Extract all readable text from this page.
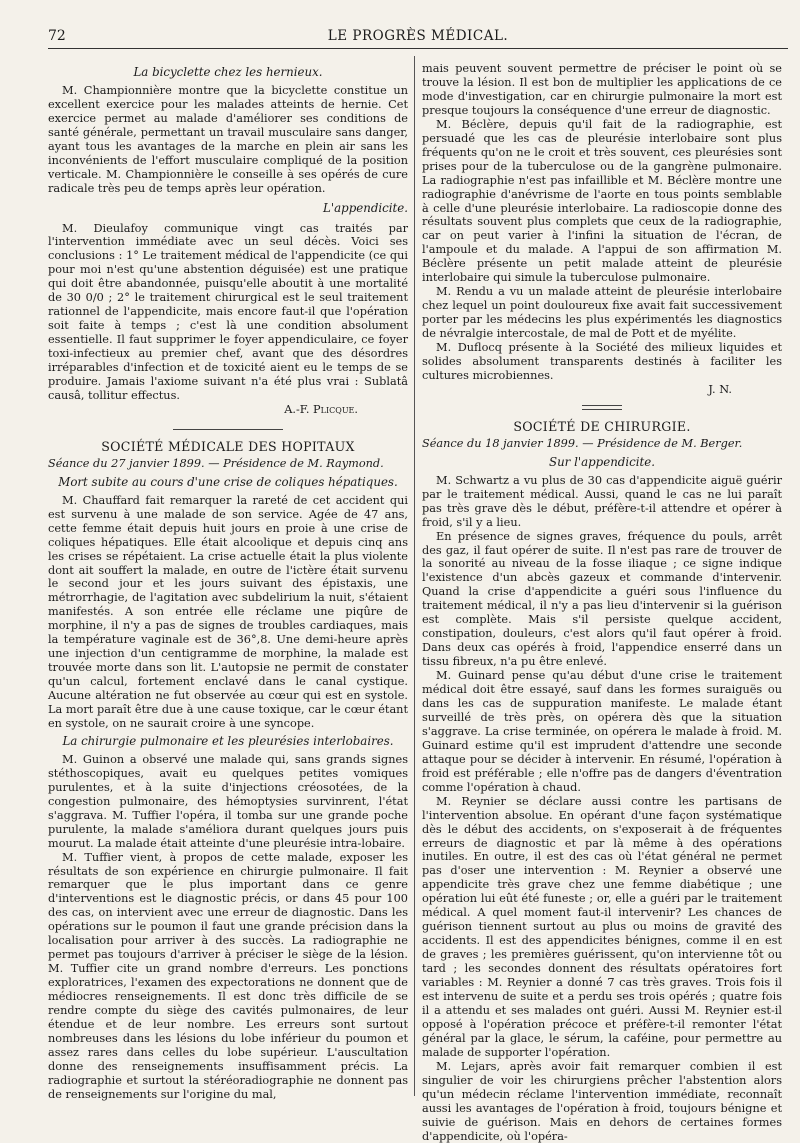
72	LE PROGRÈS MÉDICAL.

La bicyclette chez les hernieux.

M. Championnière montre que la bicyclette constitue un excellent exercice pour les malades atteints de hernie. Cet exercice permet au malade d'améliorer ses conditions de santé générale, permettant un travail musculaire sans danger, ayant tous les avantages de la marche en plein air sans les inconvénients de l'effort musculaire compliqué de la position verticale. M. Championnière le conseille à ses opérés de cure radicale très peu de temps après leur opération.

L'appendicite.

M. Dieulafoy communique vingt cas traités par l'intervention immédiate avec un seul décès. Voici ses conclusions : 1° Le traitement médical de l'appendicite (ce qui pour moi n'est qu'une abstention déguisée) est une pratique qui doit être abandonnée, puisqu'elle aboutit à une mortalité de 30 0/0 ; 2° le traitement chirurgical est le seul traitement rationnel de l'appendicite, mais encore faut-il que l'opération soit faite à temps ; c'est là une condition absolument essentielle. Il faut supprimer le foyer appendiculaire, ce foyer toxi-infectieux au premier chef, avant que des désordres irréparables d'infection et de toxicité aient eu le temps de se produire. Jamais l'axiome suivant n'a été plus vrai : Sublatâ causâ, tollitur effectus.

A.-F. Plicque.

SOCIÉTÉ MÉDICALE DES HOPITAUX

Séance du 27 janvier 1899. — Présidence de M. Raymond.

Mort subite au cours d'une crise de coliques hépatiques.

M. Chauffard fait remarquer la rareté de cet accident qui est survenu à une malade de son service. Agée de 47 ans, cette femme était depuis huit jours en proie à une crise de coliques hépatiques. Elle était alcoolique et depuis cinq ans les crises se répétaient. La crise actuelle était la plus violente dont ait souffert la malade, en outre de l'ictère était survenu le second jour et les jours suivant des épistaxis, une métrorrhagie, de l'agitation avec subdelirium la nuit, s'étaient manifestés. A son entrée elle réclame une piqûre de morphine, il n'y a pas de signes de troubles cardiaques, mais la température vaginale est de 36°,8. Une demi-heure après une injection d'un centigramme de morphine, la malade est trouvée morte dans son lit. L'autopsie ne permit de constater qu'un calcul, fortement enclavé dans le canal cystique. Aucune altération ne fut observée au cœur qui est en systole. La mort paraît être due à une cause toxique, car le cœur étant en systole, on ne saurait croire à une syncope.

La chirurgie pulmonaire et les pleurésies interlobaires.

M. Guinon a observé une malade qui, sans grands signes stéthoscopiques, avait eu quelques petites vomiques purulentes, et à la suite d'injections créosotées, de la congestion pulmonaire, des hémoptysies survinrent, l'état s'aggrava. M. Tuffier l'opéra, il tomba sur une grande poche purulente, la malade s'améliora durant quelques jours puis mourut. La malade était atteinte d'une pleurésie intra-lobaire.

M. Tuffier vient, à propos de cette malade, exposer les résultats de son expérience en chirurgie pulmonaire. Il fait remarquer que le plus important dans ce genre d'interventions est le diagnostic précis, or dans 45 pour 100 des cas, on intervient avec une erreur de diagnostic. Dans les opérations sur le poumon il faut une grande précision dans la localisation pour arriver à des succès. La radiographie ne permet pas toujours d'arriver à préciser le siège de la lésion. M. Tuffier cite un grand nombre d'erreurs. Les ponctions exploratrices, l'examen des expectorations ne donnent que de médiocres renseignements. Il est donc très difficile de se rendre compte du siège des cavités pulmonaires, de leur étendue et de leur nombre. Les erreurs sont surtout nombreuses dans les lésions du lobe inférieur du poumon et assez rares dans celles du lobe supérieur. L'auscultation donne des renseignements insuffisamment précis. La radiographie et surtout la stéréoradiographie ne donnent pas de renseignements sur l'origine du mal,

mais peuvent souvent permettre de préciser le point où se trouve la lésion. Il est bon de multiplier les applications de ce mode d'investigation, car en chirurgie pulmonaire la mort est presque toujours la conséquence d'une erreur de diagnostic.

M. Béclère, depuis qu'il fait de la radiographie, est persuadé que les cas de pleurésie interlobaire sont plus fréquents qu'on ne le croit et très souvent, ces pleurésies sont prises pour de la tuberculose ou de la gangrène pulmonaire. La radiographie n'est pas infaillible et M. Béclère montre une radiographie d'anévrisme de l'aorte en tous points semblable à celle d'une pleurésie interlobaire. La radioscopie donne des résultats souvent plus complets que ceux de la radiographie, car on peut varier à l'infini la situation de l'écran, de l'ampoule et du malade. A l'appui de son affirmation M. Béclère présente un petit malade atteint de pleurésie interlobaire qui simule la tuberculose pulmonaire.

M. Rendu a vu un malade atteint de pleurésie interlobaire chez lequel un point douloureux fixe avait fait successivement porter par les médecins les plus expérimentés les diagnostics de névralgie intercostale, de mal de Pott et de myélite.

M. Duflocq présente à la Société des milieux liquides et solides absolument transparents destinés à faciliter les cultures microbiennes.

J. N.

SOCIÉTÉ DE CHIRURGIE.

Séance du 18 janvier 1899. — Présidence de M. Berger.

Sur l'appendicite.

M. Schwartz a vu plus de 30 cas d'appendicite aiguë guérir par le traitement médical. Aussi, quand le cas ne lui paraît pas très grave dès le début, préfère-t-il attendre et opérer à froid, s'il y a lieu.

En présence de signes graves, fréquence du pouls, arrêt des gaz, il faut opérer de suite. Il n'est pas rare de trouver de la sonorité au niveau de la fosse iliaque ; ce signe indique l'existence d'un abcès gazeux et commande d'intervenir. Quand la crise d'appendicite a guéri sous l'influence du traitement médical, il n'y a pas lieu d'intervenir si la guérison est complète. Mais s'il persiste quelque accident, constipation, douleurs, c'est alors qu'il faut opérer à froid. Dans deux cas opérés à froid, l'appendice enserré dans un tissu fibreux, n'a pu être enlevé.

M. Guinard pense qu'au début d'une crise le traitement médical doit être essayé, sauf dans les formes suraiguës ou dans les cas de suppuration manifeste. Le malade étant surveillé de très près, on opérera dès que la situation s'aggrave. La crise terminée, on opérera le malade à froid. M. Guinard estime qu'il est imprudent d'attendre une seconde attaque pour se décider à intervenir. En résumé, l'opération à froid est préférable ; elle n'offre pas de dangers d'éventration comme l'opération à chaud.

M. Reynier se déclare aussi contre les partisans de l'intervention absolue. En opérant d'une façon systématique dès le début des accidents, on s'exposerait à de fréquentes erreurs de diagnostic et par là même à des opérations inutiles. En outre, il est des cas où l'état général ne permet pas d'oser une intervention : M. Reynier a observé une appendicite très grave chez une femme diabétique ; une opération lui eût été funeste ; or, elle a guéri par le traitement médical. A quel moment faut-il intervenir? Les chances de guérison tiennent surtout au plus ou moins de gravité des accidents. Il est des appendicites bénignes, comme il en est de graves ; les premières guérissent, qu'on intervienne tôt ou tard ; les secondes donnent des résultats opératoires fort variables : M. Reynier a donné 7 cas très graves. Trois fois il est intervenu de suite et a perdu ses trois opérés ; quatre fois il a attendu et ses malades ont guéri. Aussi M. Reynier est-il opposé à l'opération précoce et préfère-t-il remonter l'état général par la glace, le sérum, la caféine, pour permettre au malade de supporter l'opération.

M. Lejars, après avoir fait remarquer combien il est singulier de voir les chirurgiens prêcher l'abstention alors qu'un médecin réclame l'intervention immédiate, reconnaît aussi les avantages de l'opération à froid, toujours bénigne et suivie de guérison. Mais en dehors de certaines formes d'appendicite, où l'opéra-
